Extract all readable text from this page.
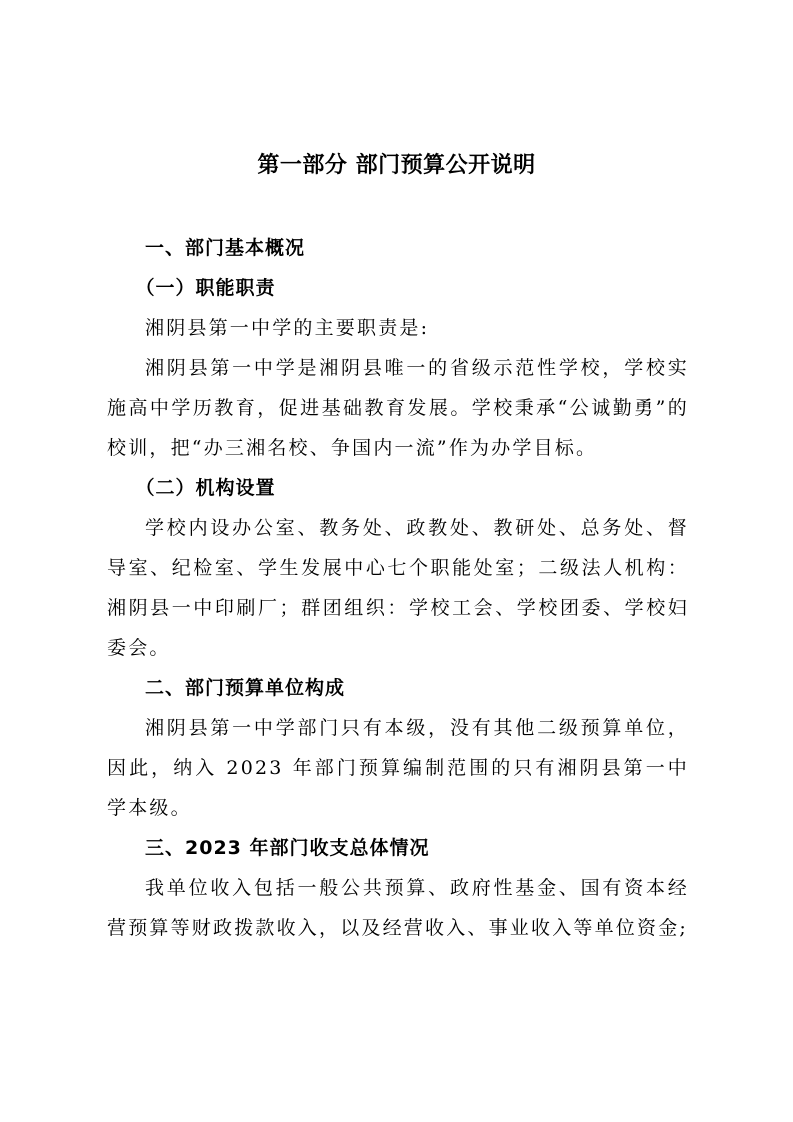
第一部分 部门预算公开说明

一、部门基本概况

（一）职能职责

湘阴县第一中学的主要职责是:

湘阴县第一中学是湘阴县唯一的省级示范性学校，学校实施高中学历教育，促进基础教育发展。学校秉承“公诚勤勇”的校训，把“办三湘名校、争国内一流”作为办学目标。

（二）机构设置

学校内设办公室、教务处、政教处、教研处、总务处、督导室、纪检室、学生发展中心七个职能处室；二级法人机构：湘阴县一中印刷厂；群团组织：学校工会、学校团委、学校妇委会。

二、部门预算单位构成

湘阴县第一中学部门只有本级，没有其他二级预算单位，因此，纳入 2023 年部门预算编制范围的只有湘阴县第一中学本级。

三、2023 年部门收支总体情况

我单位收入包括一般公共预算、政府性基金、国有资本经营预算等财政拨款收入，以及经营收入、事业收入等单位资金;
